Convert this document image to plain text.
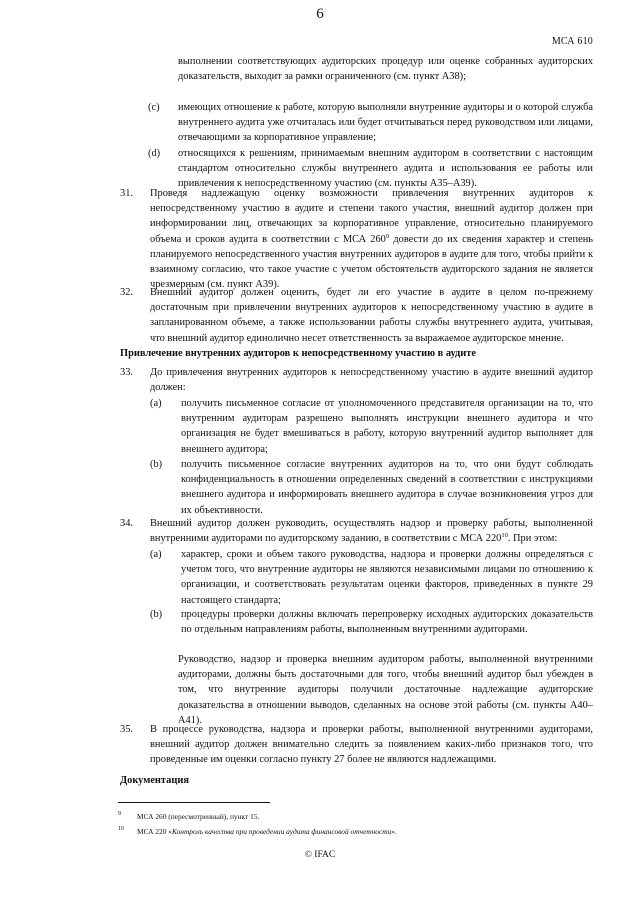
6
МСА 610

выполнении соответствующих аудиторских процедур или оценке собранных аудиторских доказательств, выходит за рамки ограниченного (см. пункт А38);

(c) имеющих отношение к работе, которую выполняли внутренние аудиторы и о которой служба внутреннего аудита уже отчиталась или будет отчитываться перед руководством или лицами, отвечающими за корпоративное управление;

(d) относящихся к решениям, принимаемым внешним аудитором в соответствии с настоящим стандартом относительно службы внутреннего аудита и использования ее работы или привлечения к непосредственному участию (см. пункты А35–А39).

31. Проведя надлежащую оценку возможности привлечения внутренних аудиторов к непосредственному участию в аудите и степени такого участия, внешний аудитор должен при информировании лиц, отвечающих за корпоративное управление, относительно планируемого объема и сроков аудита в соответствии с МСА $260^9$ довести до их сведения характер и степень планируемого непосредственного участия внутренних аудиторов в аудите для того, чтобы прийти к взаимному согласию, что такое участие с учетом обстоятельств аудиторского задания не является чрезмерным (см. пункт А39).

32. Внешний аудитор должен оценить, будет ли его участие в аудите в целом по-прежнему достаточным при привлечении внутренних аудиторов к непосредственному участию в аудите в запланированном объеме, а также использовании работы службы внутреннего аудита, учитывая, что внешний аудитор единолично несет ответственность за выражаемое аудиторское мнение.

Привлечение внутренних аудиторов к непосредственному участию в аудите
33. До привлечения внутренних аудиторов к непосредственному участию в аудите внешний аудитор должен:

(a) получить письменное согласие от уполномоченного представителя организации на то, что внутренним аудиторам разрешено выполнять инструкции внешнего аудитора и что организация не будет вмешиваться в работу, которую внутренний аудитор выполняет для внешнего аудитора;

(b) получить письменное согласие внутренних аудиторов на то, что они будут соблюдать конфиденциальность в отношении определенных сведений в соответствии с инструкциями внешнего аудитора и информировать внешнего аудитора в случае возникновения угроз для их объективности.

34. Внешний аудитор должен руководить, осуществлять надзор и проверку работы, выполненной внутренними аудиторами по аудиторскому заданию, в соответствии с МСА $220^{10}$. При этом:

(a) характер, сроки и объем такого руководства, надзора и проверки должны определяться с учетом того, что внутренние аудиторы не являются независимыми лицами по отношению к организации, и соответствовать результатам оценки факторов, приведенных в пункте 29 настоящего стандарта;

(b) процедуры проверки должны включать перепроверку исходных аудиторских доказательств по отдельным направлениям работы, выполненным внутренними аудиторами.

Руководство, надзор и проверка внешним аудитором работы, выполненной внутренними аудиторами, должны быть достаточными для того, чтобы внешний аудитор был убежден в том, что внутренние аудиторы получили достаточные надлежащие аудиторские доказательства в отношении выводов, сделанных на основе этой работы (см. пункты А40–А41).

35. В процессе руководства, надзора и проверки работы, выполненной внутренними аудиторами, внешний аудитор должен внимательно следить за появлением каких-либо признаков того, что проведенные им оценки согласно пункту 27 более не являются надлежащими.

Документация
9 МСА 260 (пересмотренный), пункт 15.
10 МСА 220 «Контроль качества при проведении аудита финансовой отчетности».
© IFAC
